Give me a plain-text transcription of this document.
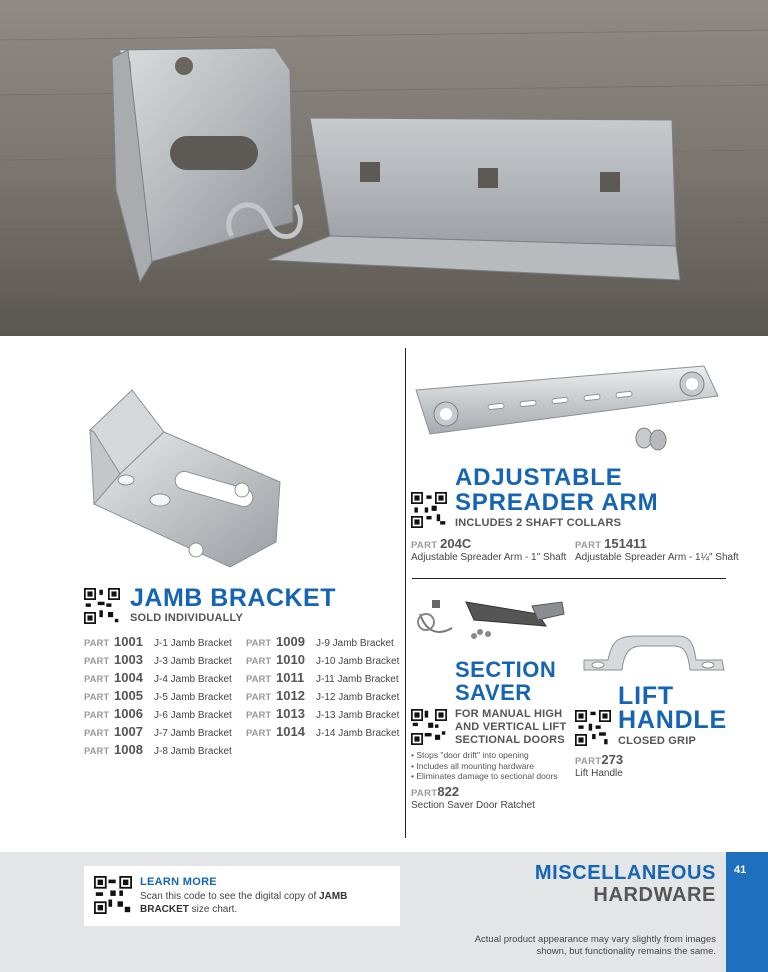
JAMB BRACKET
SOLD INDIVIDUALLY
PART 1001	J-1 Jamb Bracket
PART 1003	J-3 Jamb Bracket
PART 1004	J-4 Jamb Bracket
PART 1005	J-5 Jamb Bracket
PART 1006	J-6 Jamb Bracket
PART 1007	J-7 Jamb Bracket
PART 1008	J-8 Jamb Bracket
PART 1009	J-9 Jamb Bracket
PART 1010	J-10 Jamb Bracket
PART 1011	J-11 Jamb Bracket
PART 1012	J-12 Jamb Bracket
PART 1013	J-13 Jamb Bracket
PART 1014	J-14 Jamb Bracket
ADJUSTABLE
SPREADER ARM
INCLUDES 2 SHAFT COLLARS
PART 204C
Adjustable Spreader Arm - 1" Shaft
PART 151411
Adjustable Spreader Arm - 1¼" Shaft
SECTION
SAVER
FOR MANUAL HIGH
AND VERTICAL LIFT
SECTIONAL DOORS
• Stops "door drift" into opening
• Includes all mounting hardware
• Eliminates damage to sectional doors
PART822
Section Saver Door Ratchet
LIFT
HANDLE
CLOSED GRIP
PART273
Lift Handle
41
LEARN MORE
Scan this code to see the digital copy of JAMB
BRACKET size chart.
MISCELLANEOUS
HARDWARE
Actual product appearance may vary slightly from images shown, but functionality remains the same.
